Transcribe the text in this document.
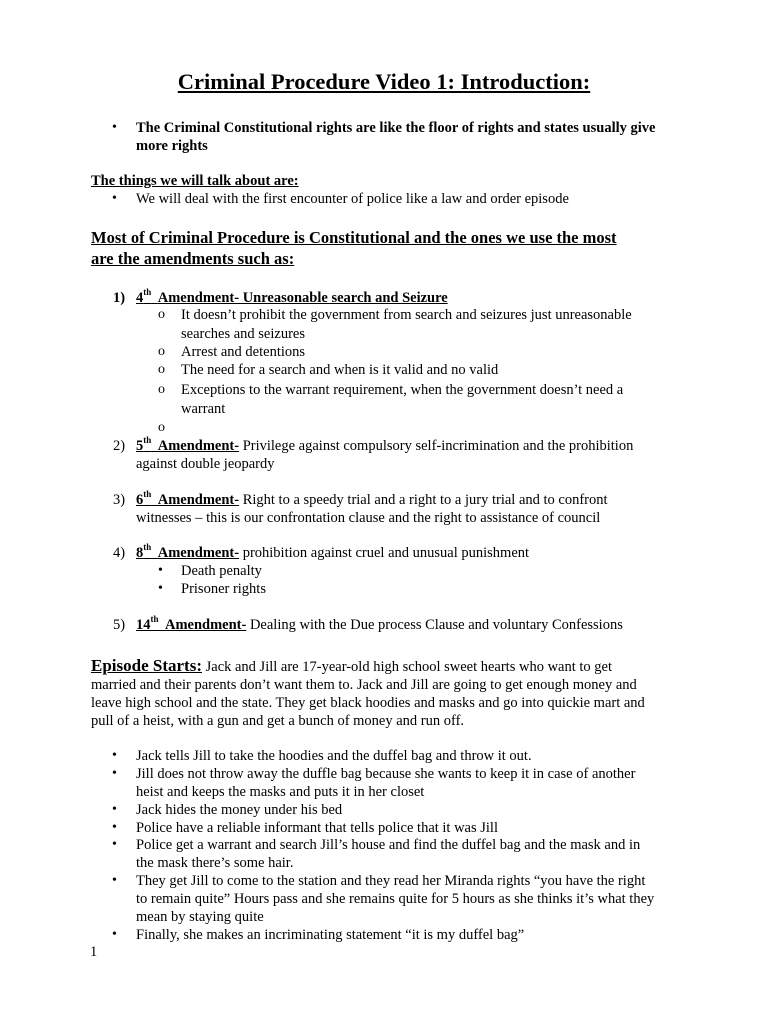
Criminal Procedure Video 1: Introduction:
• The Criminal Constitutional rights are like the floor of rights and states usually give
more rights
The things we will talk about are:
• We will deal with the first encounter of police like a law and order episode
Most of Criminal Procedure is Constitutional and the ones we use the most
are the amendments such as:
1) 4th Amendment- Unreasonable search and Seizure
o It doesn’t prohibit the government from search and seizures just unreasonable
searches and seizures
o Arrest and detentions
o The need for a search and when is it valid and no valid
o Exceptions to the warrant requirement, when the government doesn’t need a
warrant
o
2) 5th Amendment- Privilege against compulsory self-incrimination and the prohibition
against double jeopardy
3) 6th Amendment- Right to a speedy trial and a right to a jury trial and to confront
witnesses – this is our confrontation clause and the right to assistance of council
4) 8th Amendment- prohibition against cruel and unusual punishment
• Death penalty
• Prisoner rights
5) 14th Amendment- Dealing with the Due process Clause and voluntary Confessions
Episode Starts: Jack and Jill are 17-year-old high school sweet hearts who want to get
married and their parents don’t want them to. Jack and Jill are going to get enough money and
leave high school and the state. They get black hoodies and masks and go into quickie mart and
pull of a heist, with a gun and get a bunch of money and run off.
• Jack tells Jill to take the hoodies and the duffel bag and throw it out.
• Jill does not throw away the duffle bag because she wants to keep it in case of another
heist and keeps the masks and puts it in her closet
• Jack hides the money under his bed
• Police have a reliable informant that tells police that it was Jill
• Police get a warrant and search Jill’s house and find the duffel bag and the mask and in
the mask there’s some hair.
• They get Jill to come to the station and they read her Miranda rights “you have the right
to remain quite” Hours pass and she remains quite for 5 hours as she thinks it’s what they
mean by staying quite
• Finally, she makes an incriminating statement “it is my duffel bag”
1
